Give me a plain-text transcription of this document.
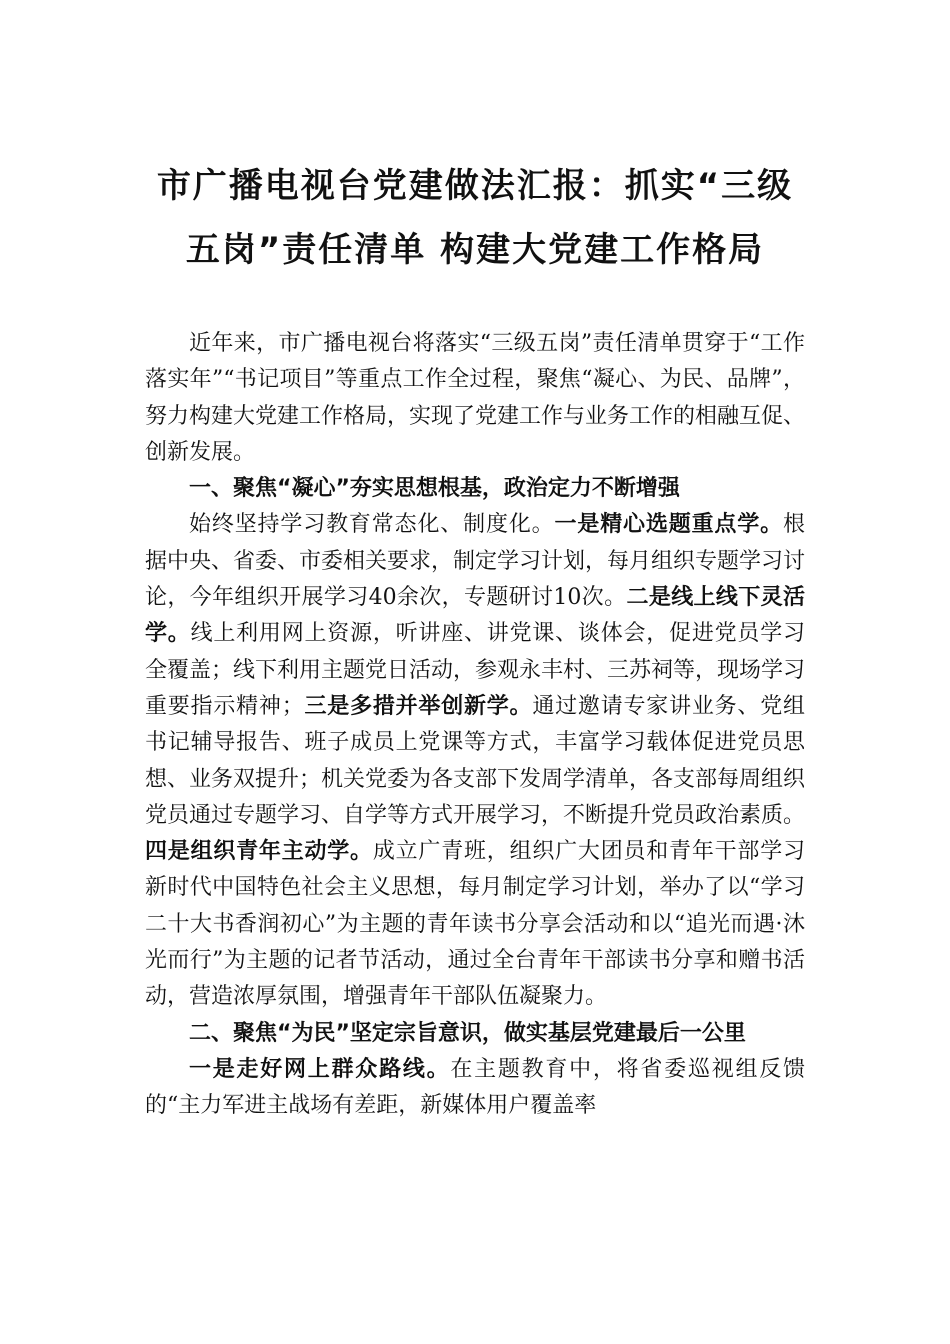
市广播电视台党建做法汇报：抓实“三级
五岗”责任清单 构建大党建工作格局

近年来，市广播电视台将落实“三级五岗”责任清单贯穿于“工作落实年”“书记项目”等重点工作全过程，聚焦“凝心、为民、品牌”，努力构建大党建工作格局，实现了党建工作与业务工作的相融互促、创新发展。

一、聚焦“凝心”夯实思想根基，政治定力不断增强

始终坚持学习教育常态化、制度化。一是精心选题重点学。根据中央、省委、市委相关要求，制定学习计划，每月组织专题学习讨论，今年组织开展学习40余次，专题研讨10次。二是线上线下灵活学。线上利用网上资源，听讲座、讲党课、谈体会，促进党员学习全覆盖；线下利用主题党日活动，参观永丰村、三苏祠等，现场学习重要指示精神；三是多措并举创新学。通过邀请专家讲业务、党组书记辅导报告、班子成员上党课等方式，丰富学习载体促进党员思想、业务双提升；机关党委为各支部下发周学清单，各支部每周组织党员通过专题学习、自学等方式开展学习，不断提升党员政治素质。四是组织青年主动学。成立广青班，组织广大团员和青年干部学习新时代中国特色社会主义思想，每月制定学习计划，举办了以“学习二十大书香润初心”为主题的青年读书分享会活动和以“追光而遇·沐光而行”为主题的记者节活动，通过全台青年干部读书分享和赠书活动，营造浓厚氛围，增强青年干部队伍凝聚力。

二、聚焦“为民”坚定宗旨意识，做实基层党建最后一公里

一是走好网上群众路线。在主题教育中，将省委巡视组反馈的“主力军进主战场有差距，新媒体用户覆盖率
